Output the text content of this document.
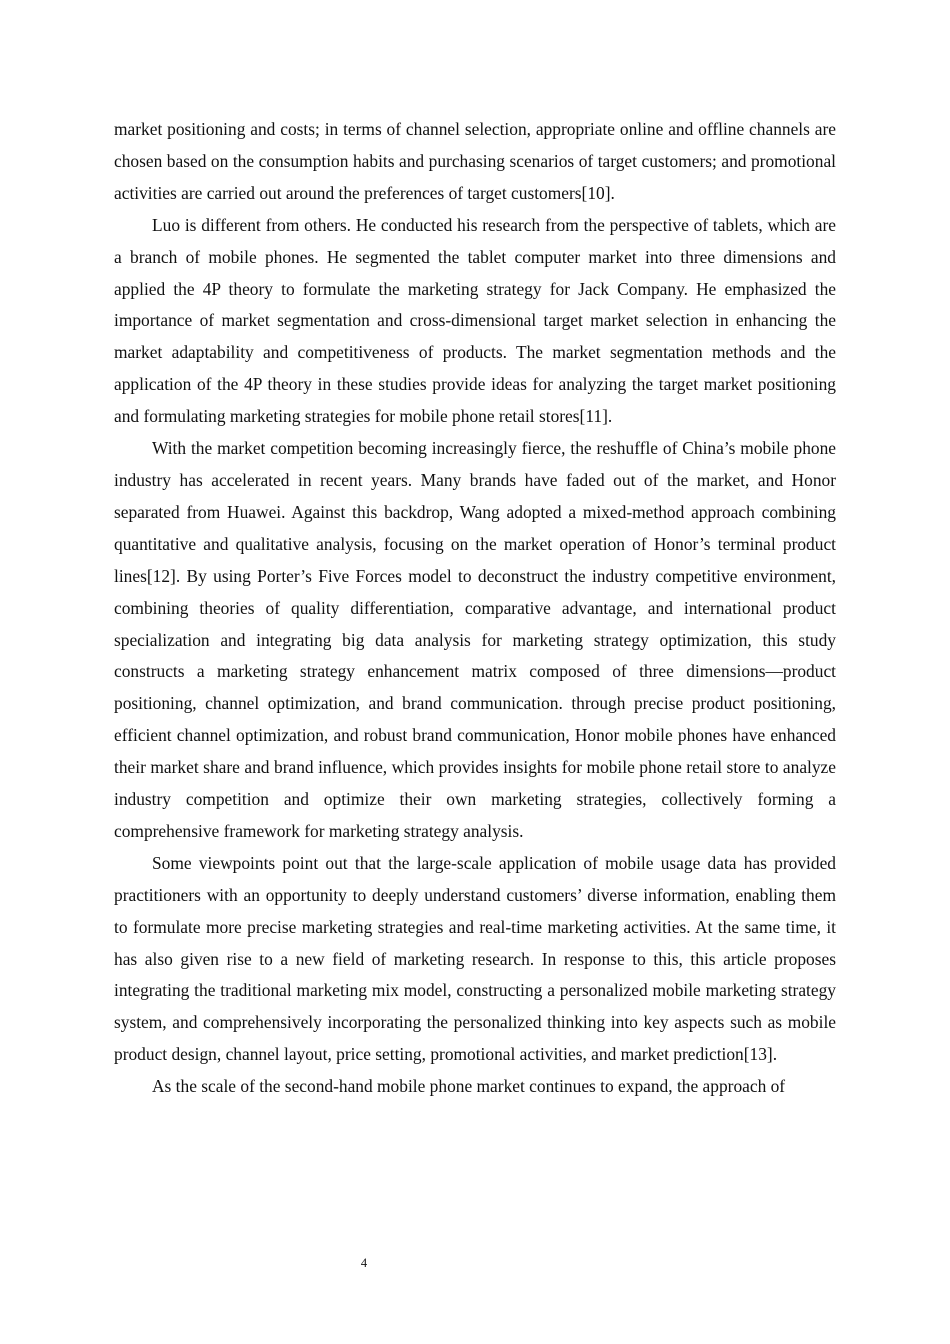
market positioning and costs; in terms of channel selection, appropriate online and offline channels are chosen based on the consumption habits and purchasing scenarios of target customers; and promotional activities are carried out around the preferences of target customers[10].

Luo is different from others. He conducted his research from the perspective of tablets, which are a branch of mobile phones. He segmented the tablet computer market into three dimensions and applied the 4P theory to formulate the marketing strategy for Jack Company. He emphasized the importance of market segmentation and cross-dimensional target market selection in enhancing the market adaptability and competitiveness of products. The market segmentation methods and the application of the 4P theory in these studies provide ideas for analyzing the target market positioning and formulating marketing strategies for mobile phone retail stores[11].

With the market competition becoming increasingly fierce, the reshuffle of China’s mobile phone industry has accelerated in recent years. Many brands have faded out of the market, and Honor separated from Huawei. Against this backdrop, Wang adopted a mixed-method approach combining quantitative and qualitative analysis, focusing on the market operation of Honor’s terminal product lines[12]. By using Porter’s Five Forces model to deconstruct the industry competitive environment, combining theories of quality differentiation, comparative advantage, and international product specialization and integrating big data analysis for marketing strategy optimization, this study constructs a marketing strategy enhancement matrix composed of three dimensions—product positioning, channel optimization, and brand communication. through precise product positioning, efficient channel optimization, and robust brand communication, Honor mobile phones have enhanced their market share and brand influence, which provides insights for mobile phone retail store to analyze industry competition and optimize their own marketing strategies, collectively forming a comprehensive framework for marketing strategy analysis.

Some viewpoints point out that the large-scale application of mobile usage data has provided practitioners with an opportunity to deeply understand customers’ diverse information, enabling them to formulate more precise marketing strategies and real-time marketing activities. At the same time, it has also given rise to a new field of marketing research. In response to this, this article proposes integrating the traditional marketing mix model, constructing a personalized mobile marketing strategy system, and comprehensively incorporating the personalized thinking into key aspects such as mobile product design, channel layout, price setting, promotional activities, and market prediction[13].

As the scale of the second-hand mobile phone market continues to expand, the approach of

4
